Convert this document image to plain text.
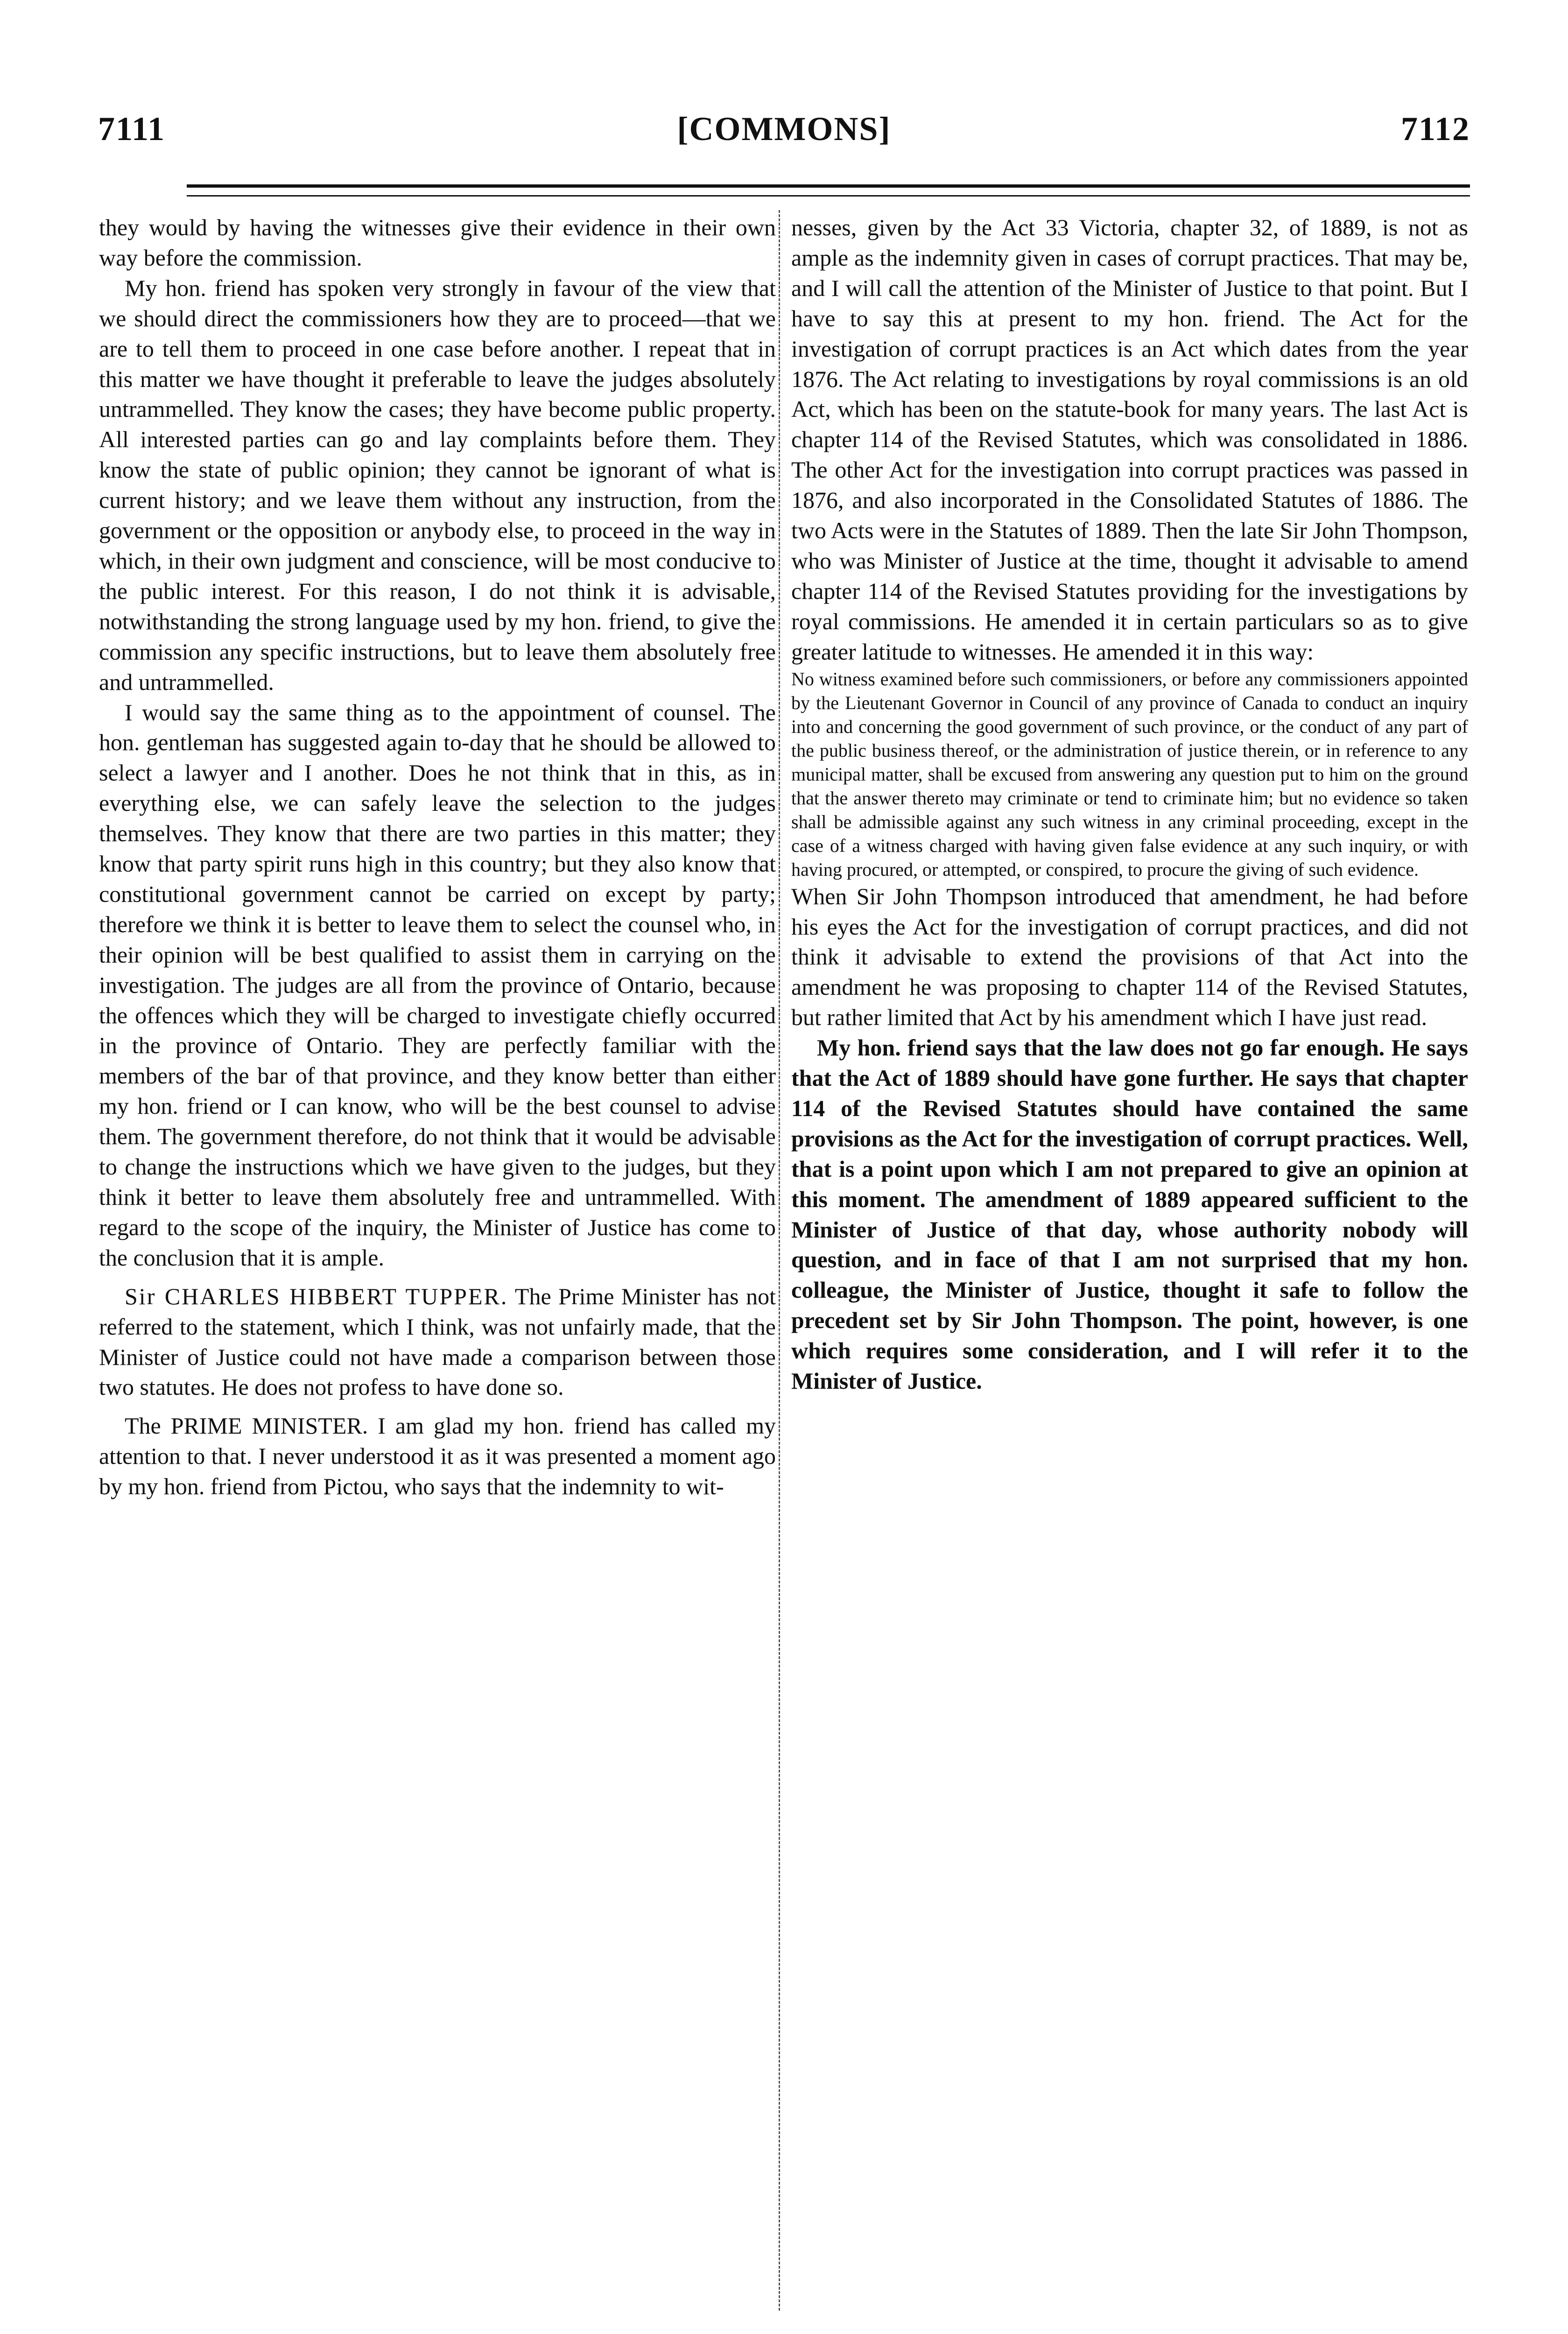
7111	[COMMONS]	7112

they would by having the witnesses give their evidence in their own way before the commission.

My hon. friend has spoken very strongly in favour of the view that we should direct the commissioners how they are to proceed—that we are to tell them to proceed in one case before another. I repeat that in this matter we have thought it preferable to leave the judges absolutely untrammelled. They know the cases; they have become public property. All interested parties can go and lay complaints before them. They know the state of public opinion; they cannot be ignorant of what is current history; and we leave them without any instruction, from the government or the opposition or anybody else, to proceed in the way in which, in their own judgment and conscience, will be most conducive to the public interest. For this reason, I do not think it is advisable, notwithstanding the strong language used by my hon. friend, to give the commission any specific instructions, but to leave them absolutely free and untrammelled.

I would say the same thing as to the appointment of counsel. The hon. gentleman has suggested again to-day that he should be allowed to select a lawyer and I another. Does he not think that in this, as in everything else, we can safely leave the selection to the judges themselves. They know that there are two parties in this matter; they know that party spirit runs high in this country; but they also know that constitutional government cannot be carried on except by party; therefore we think it is better to leave them to select the counsel who, in their opinion will be best qualified to assist them in carrying on the investigation. The judges are all from the province of Ontario, because the offences which they will be charged to investigate chiefly occurred in the province of Ontario. They are perfectly familiar with the members of the bar of that province, and they know better than either my hon. friend or I can know, who will be the best counsel to advise them. The government therefore, do not think that it would be advisable to change the instructions which we have given to the judges, but they think it better to leave them absolutely free and untrammelled. With regard to the scope of the inquiry, the Minister of Justice has come to the conclusion that it is ample.

Sir CHARLES HIBBERT TUPPER. The Prime Minister has not referred to the statement, which I think, was not unfairly made, that the Minister of Justice could not have made a comparison between those two statutes. He does not profess to have done so.

The PRIME MINISTER. I am glad my hon. friend has called my attention to that. I never understood it as it was presented a moment ago by my hon. friend from Pictou, who says that the indemnity to wit-

nesses, given by the Act 33 Victoria, chapter 32, of 1889, is not as ample as the indemnity given in cases of corrupt practices. That may be, and I will call the attention of the Minister of Justice to that point. But I have to say this at present to my hon. friend. The Act for the investigation of corrupt practices is an Act which dates from the year 1876. The Act relating to investigations by royal commissions is an old Act, which has been on the statute-book for many years. The last Act is chapter 114 of the Revised Statutes, which was consolidated in 1886. The other Act for the investigation into corrupt practices was passed in 1876, and also incorporated in the Consolidated Statutes of 1886. The two Acts were in the Statutes of 1889. Then the late Sir John Thompson, who was Minister of Justice at the time, thought it advisable to amend chapter 114 of the Revised Statutes providing for the investigations by royal commissions. He amended it in certain particulars so as to give greater latitude to witnesses. He amended it in this way:

No witness examined before such commissioners, or before any commissioners appointed by the Lieutenant Governor in Council of any province of Canada to conduct an inquiry into and concerning the good government of such province, or the conduct of any part of the public business thereof, or the administration of justice therein, or in reference to any municipal matter, shall be excused from answering any question put to him on the ground that the answer thereto may criminate or tend to criminate him; but no evidence so taken shall be admissible against any such witness in any criminal proceeding, except in the case of a witness charged with having given false evidence at any such inquiry, or with having procured, or attempted, or conspired, to procure the giving of such evidence.

When Sir John Thompson introduced that amendment, he had before his eyes the Act for the investigation of corrupt practices, and did not think it advisable to extend the provisions of that Act into the amendment he was proposing to chapter 114 of the Revised Statutes, but rather limited that Act by his amendment which I have just read.

My hon. friend says that the law does not go far enough. He says that the Act of 1889 should have gone further. He says that chapter 114 of the Revised Statutes should have contained the same provisions as the Act for the investigation of corrupt practices. Well, that is a point upon which I am not prepared to give an opinion at this moment. The amendment of 1889 appeared sufficient to the Minister of Justice of that day, whose authority nobody will question, and in face of that I am not surprised that my hon. colleague, the Minister of Justice, thought it safe to follow the precedent set by Sir John Thompson. The point, however, is one which requires some consideration, and I will refer it to the Minister of Justice.
